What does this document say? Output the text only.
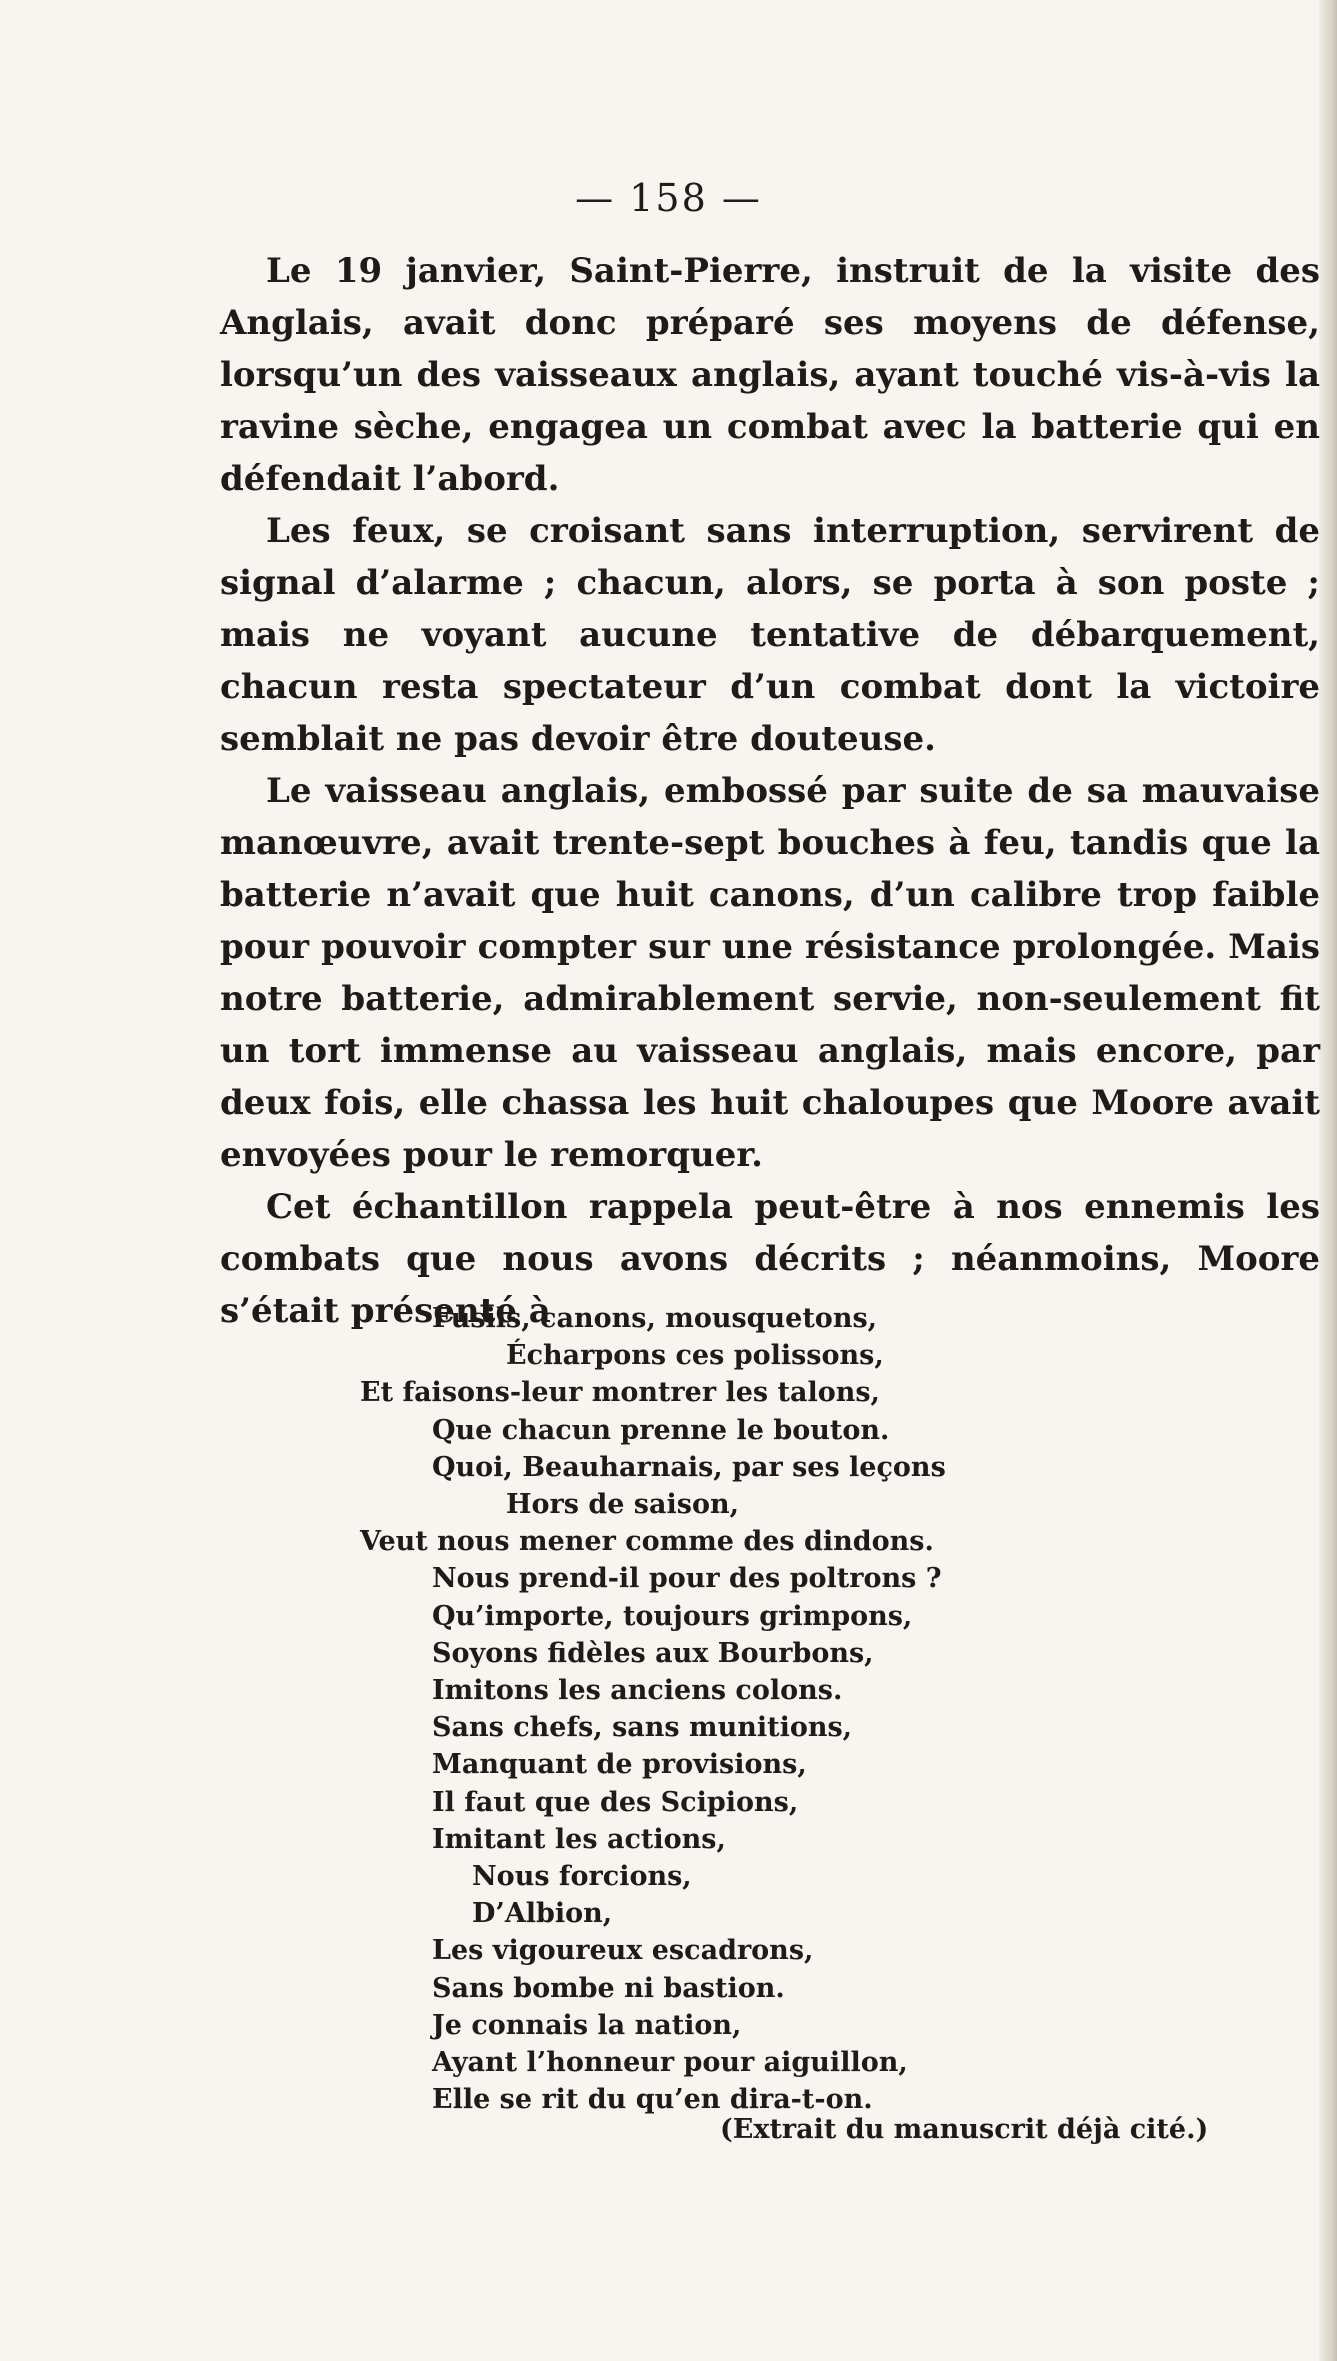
— 158 —

Le 19 janvier, Saint-Pierre, instruit de la visite des Anglais, avait donc préparé ses moyens de défense, lorsqu’un des vaisseaux anglais, ayant touché vis-à-vis la ravine sèche, engagea un combat avec la batterie qui en défendait l’abord.

Les feux, se croisant sans interruption, servirent de signal d’alarme ; chacun, alors, se porta à son poste ; mais ne voyant aucune tentative de débarquement, chacun resta spectateur d’un combat dont la victoire semblait ne pas devoir être douteuse.

Le vaisseau anglais, embossé par suite de sa mauvaise manœuvre, avait trente-sept bouches à feu, tandis que la batterie n’avait que huit canons, d’un calibre trop faible pour pouvoir compter sur une résistance prolongée. Mais notre batterie, admirablement servie, non-seulement fit un tort immense au vaisseau anglais, mais encore, par deux fois, elle chassa les huit chaloupes que Moore avait envoyées pour le remorquer.

Cet échantillon rappela peut-être à nos ennemis les combats que nous avons décrits ; néanmoins, Moore s’était présenté à

Fusils, canons, mousquetons,
Écharpons ces polissons,
Et faisons-leur montrer les talons,
Que chacun prenne le bouton.
Quoi, Beauharnais, par ses leçons
Hors de saison,
Veut nous mener comme des dindons.
Nous prend-il pour des poltrons ?
Qu’importe, toujours grimpons,
Soyons fidèles aux Bourbons,
Imitons les anciens colons.
Sans chefs, sans munitions,
Manquant de provisions,
Il faut que des Scipions,
Imitant les actions,
Nous forcions,
D’Albion,
Les vigoureux escadrons,
Sans bombe ni bastion.
Je connais la nation,
Ayant l’honneur pour aiguillon,
Elle se rit du qu’en dira-t-on.
(Extrait du manuscrit déjà cité.)
